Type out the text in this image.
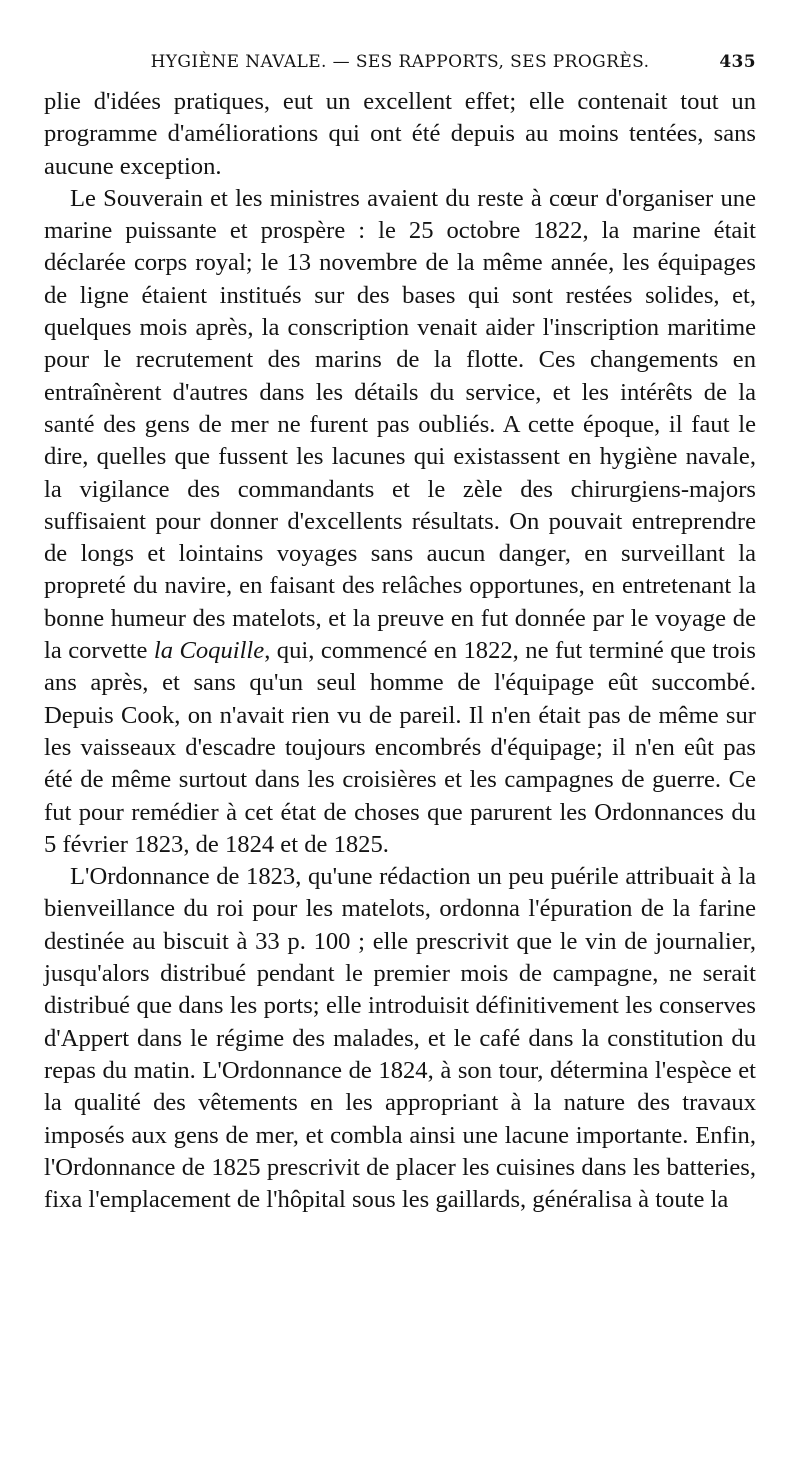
HYGIÈNE NAVALE. — SES RAPPORTS, SES PROGRÈS.	435

plie d'idées pratiques, eut un excellent effet; elle contenait tout un programme d'améliorations qui ont été depuis au moins tentées, sans aucune exception.

Le Souverain et les ministres avaient du reste à cœur d'organiser une marine puissante et prospère : le 25 octobre 1822, la marine était déclarée corps royal; le 13 novembre de la même année, les équipages de ligne étaient institués sur des bases qui sont restées solides, et, quelques mois après, la conscription venait aider l'inscription maritime pour le recrutement des marins de la flotte. Ces changements en entraînèrent d'autres dans les détails du service, et les intérêts de la santé des gens de mer ne furent pas oubliés. A cette époque, il faut le dire, quelles que fussent les lacunes qui existassent en hygiène navale, la vigilance des commandants et le zèle des chirurgiens-majors suffisaient pour donner d'excellents résultats. On pouvait entreprendre de longs et lointains voyages sans aucun danger, en surveillant la propreté du navire, en faisant des relâches opportunes, en entretenant la bonne humeur des matelots, et la preuve en fut donnée par le voyage de la corvette la Coquille, qui, commencé en 1822, ne fut terminé que trois ans après, et sans qu'un seul homme de l'équipage eût succombé. Depuis Cook, on n'avait rien vu de pareil. Il n'en était pas de même sur les vaisseaux d'escadre toujours encombrés d'équipage; il n'en eût pas été de même surtout dans les croisières et les campagnes de guerre. Ce fut pour remédier à cet état de choses que parurent les Ordonnances du 5 février 1823, de 1824 et de 1825.

L'Ordonnance de 1823, qu'une rédaction un peu puérile attribuait à la bienveillance du roi pour les matelots, ordonna l'épuration de la farine destinée au biscuit à 33 p. 100 ; elle prescrivit que le vin de journalier, jusqu'alors distribué pendant le premier mois de campagne, ne serait distribué que dans les ports; elle introduisit définitivement les conserves d'Appert dans le régime des malades, et le café dans la constitution du repas du matin. L'Ordonnance de 1824, à son tour, détermina l'espèce et la qualité des vêtements en les appropriant à la nature des travaux imposés aux gens de mer, et combla ainsi une lacune importante. Enfin, l'Ordonnance de 1825 prescrivit de placer les cuisines dans les batteries, fixa l'emplacement de l'hôpital sous les gaillards, généralisa à toute la
